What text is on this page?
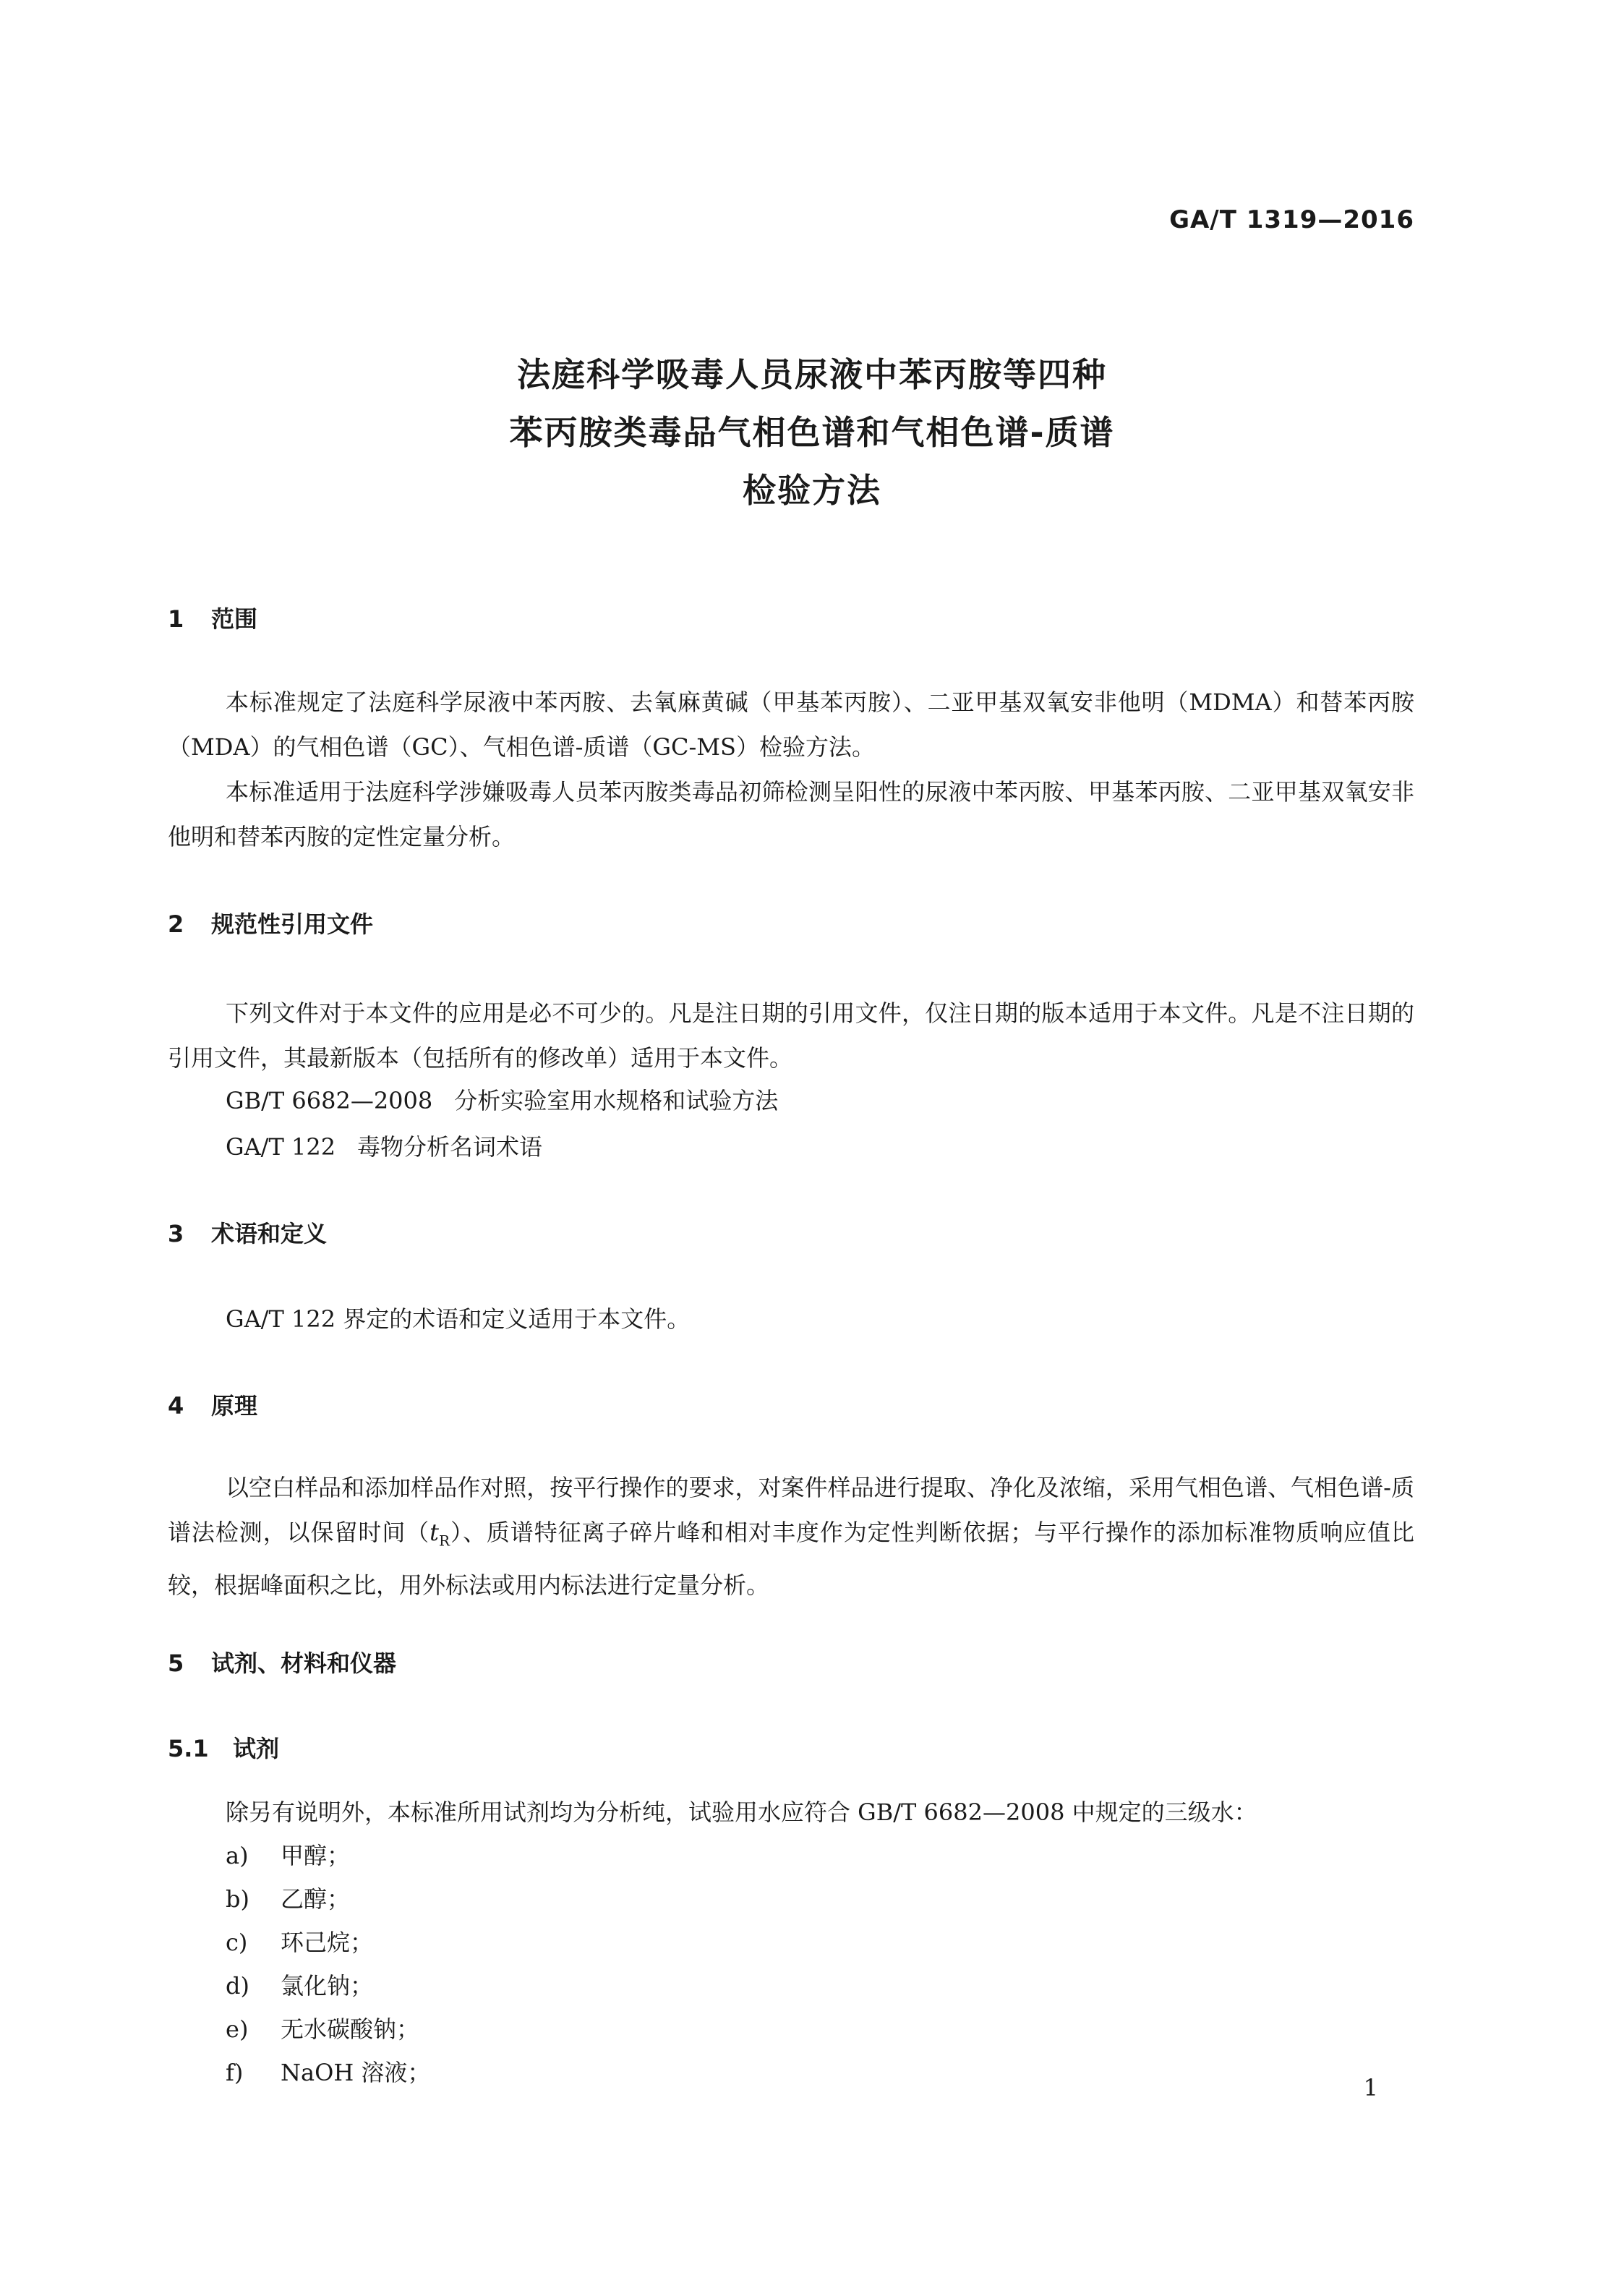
GA/T 1319—2016
法庭科学吸毒人员尿液中苯丙胺等四种
苯丙胺类毒品气相色谱和气相色谱-质谱
检验方法
1 范围
本标准规定了法庭科学尿液中苯丙胺、去氧麻黄碱（甲基苯丙胺）、二亚甲基双氧安非他明（MDMA）和替苯丙胺（MDA）的气相色谱（GC）、气相色谱-质谱（GC-MS）检验方法。
本标准适用于法庭科学涉嫌吸毒人员苯丙胺类毒品初筛检测呈阳性的尿液中苯丙胺、甲基苯丙胺、二亚甲基双氧安非他明和替苯丙胺的定性定量分析。
2 规范性引用文件
下列文件对于本文件的应用是必不可少的。凡是注日期的引用文件，仅注日期的版本适用于本文件。凡是不注日期的引用文件，其最新版本（包括所有的修改单）适用于本文件。
GB/T 6682—2008 分析实验室用水规格和试验方法
GA/T 122 毒物分析名词术语
3 术语和定义
GA/T 122 界定的术语和定义适用于本文件。
4 原理
以空白样品和添加样品作对照，按平行操作的要求，对案件样品进行提取、净化及浓缩，采用气相色谱、气相色谱-质谱法检测，以保留时间$(t_R)$、质谱特征离子碎片峰和相对丰度作为定性判断依据；与平行操作的添加标准物质响应值比较，根据峰面积之比，用外标法或用内标法进行定量分析。
5 试剂、材料和仪器
5.1 试剂
除另有说明外，本标准所用试剂均为分析纯，试验用水应符合 GB/T 6682—2008 中规定的三级水：
a) 甲醇；
b) 乙醇；
c) 环己烷；
d) 氯化钠；
e) 无水碳酸钠；
f) NaOH 溶液；
1
